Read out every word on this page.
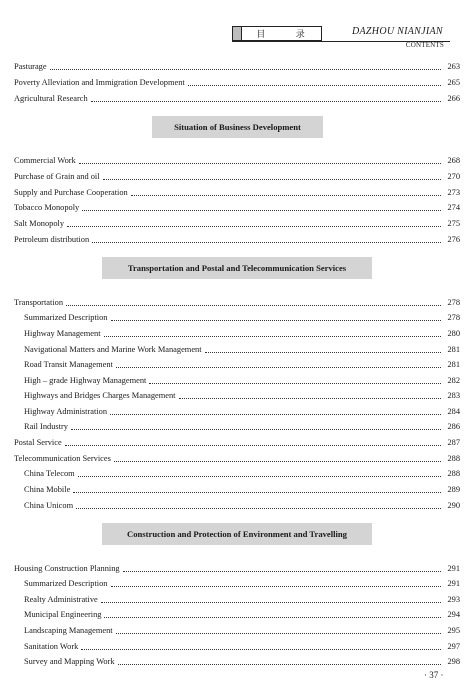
目	录	DAZHOU NIANJIAN
CONTENTS
Pasturage	263
Poverty Alleviation and Immigration Development	265
Agricultural Research	266
Situation of Business Development
Commercial Work	268
Purchase of Grain and oil	270
Supply and Purchase Cooperation	273
Tobacco Monopoly	274
Salt Monopoly	275
Petroleum distribution	276
Transportation and Postal and Telecommunication Services
Transportation	278
Summarized Description	278
Highway Management	280
Navigational Matters and Marine Work Management	281
Road Transit Management	281
High – grade Highway Management	282
Highways and Bridges Charges Management	283
Highway Administration	284
Rail Industry	286
Postal Service	287
Telecommunication Services	288
China Telecom	288
China Mobile	289
China Unicom	290
Construction and Protection of Environment and Travelling
Housing Construction Planning	291
Summarized Description	291
Realty Administrative	293
Municipal Engineering	294
Landscaping Management	295
Sanitation Work	297
Survey and Mapping Work	298
· 37 ·
